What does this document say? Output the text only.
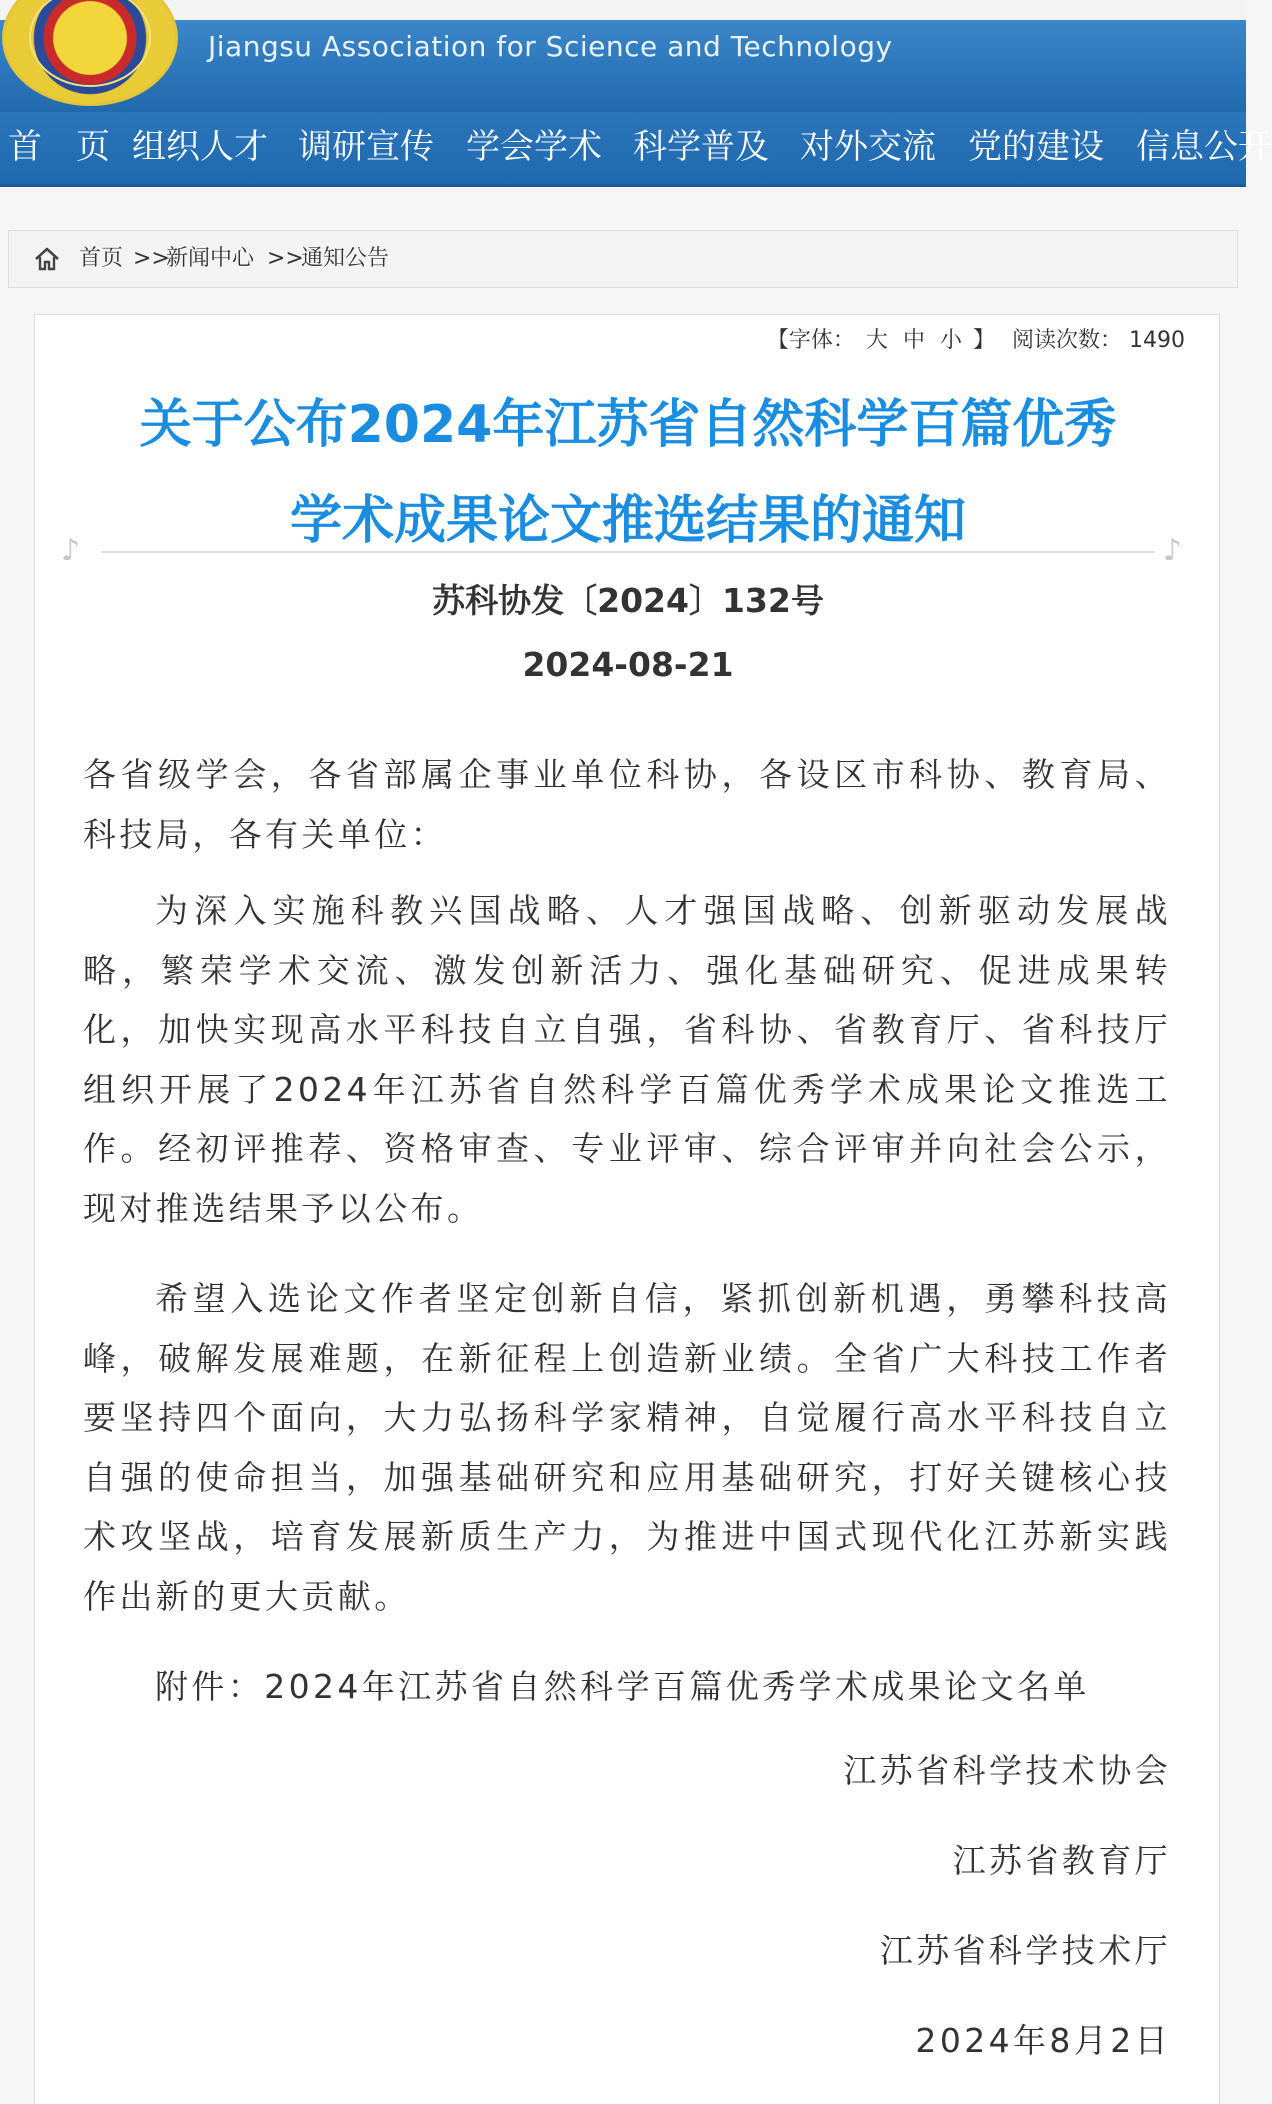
Jiangsu Association for Science and Technology
首　页 组织人才 调研宣传 学会学术 科学普及 对外交流 党的建设 信息公开
首页 >>
新闻中心 >>
通知公告
【字体： 大 中 小 】 阅读次数： 1490
关于公布2024年江苏省自然科学百篇优秀
学术成果论文推选结果的通知
♪	♪
苏科协发〔2024〕132号
2024-08-21
各省级学会，各省部属企事业单位科协，各设区市科协、教育局、科技局，各有关单位：
为深入实施科教兴国战略、人才强国战略、创新驱动发展战略，繁荣学术交流、激发创新活力、强化基础研究、促进成果转化，加快实现高水平科技自立自强，省科协、省教育厅、省科技厅组织开展了2024年江苏省自然科学百篇优秀学术成果论文推选工作。经初评推荐、资格审查、专业评审、综合评审并向社会公示，现对推选结果予以公布。
希望入选论文作者坚定创新自信，紧抓创新机遇，勇攀科技高峰，破解发展难题，在新征程上创造新业绩。全省广大科技工作者要坚持四个面向，大力弘扬科学家精神，自觉履行高水平科技自立自强的使命担当，加强基础研究和应用基础研究，打好关键核心技术攻坚战，培育发展新质生产力，为推进中国式现代化江苏新实践作出新的更大贡献。
附件：2024年江苏省自然科学百篇优秀学术成果论文名单
江苏省科学技术协会
江苏省教育厅
江苏省科学技术厅
2024年8月2日
